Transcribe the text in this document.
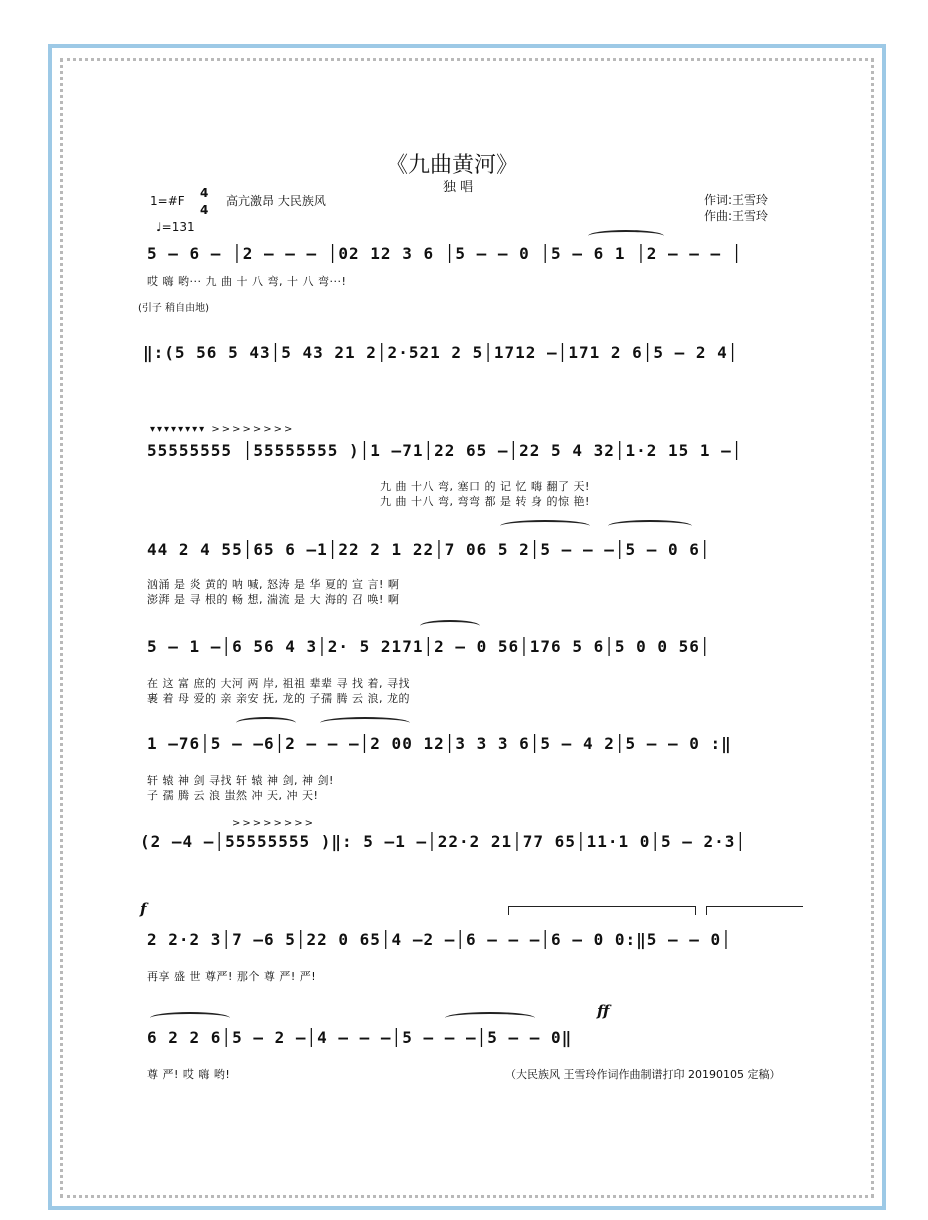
《九曲黄河》
独 唱
1=#F
4
4
♩=131
高亢激昂 大民族风	作词:王雪玲
作曲:王雪玲
5 – 6 – │2 – – – │02 12 3 6 │5 – – 0 │5 – 6 1 │2 – – – │
哎 嗨 哟··· 九 曲 十 八 弯, 十 八 弯···!
(引子 稍自由地)
‖:(5 56 5 43│5 43 21 2│2·521 2 5│1712 –│171 2 6│5 – 2 4│
▾▾▾▾▾▾▾▾ >>>>>>>>
55555555 │55555555 )│1 –71│22 65 –│22 5 4 32│1·2 15 1 –│
九 曲 十八 弯, 塞口 的 记 忆 嗨 翻了 天!
九 曲 十八 弯, 弯弯 都 是 转 身 的惊 艳!
44 2 4 55│65 6 –1│22 2 1 22│7 06 5 2│5 – – –│5 – 0 6│
汹涌 是 炎 黄的 呐 喊, 怒涛 是 华 夏的 宣 言! 啊
澎湃 是 寻 根的 畅 想, 湍流 是 大 海的 召 唤! 啊
5 – 1 –│6 56 4 3│2· 5 2171│2 – 0 56│176 5 6│5 0 0 56│
在 这 富 庶的 大河 两 岸, 祖祖 辈辈 寻 找 着, 寻找
裹 着 母 爱的 亲 亲安 抚, 龙的 子孺 腾 云 浪, 龙的
1 –76│5 – –6│2 – – –│2 00 12│3 3 3 6│5 – 4 2│5 – – 0 :‖
轩 辕 神 剑 寻找 轩 辕 神 剑, 神 剑!
子 孺 腾 云 浪 蚩然 冲 天, 冲 天!
>>>>>>>>
(2 –4 –│55555555 )‖: 5 –1 –│22·2 21│77 65│11·1 0│5 – 2·3│
f
2 2·2 3│7 –6 5│22 0 65│4 –2 –│6 – – –│6 – 0 0:‖5 – – 0│
再享 盛 世 尊严! 那个 尊 严! 严!
ff
6 2 2 6│5 – 2 –│4 – – –│5 – – –│5 – – 0‖
尊 严! 哎 嗨 哟!	（大民族风 王雪玲作词作曲制谱打印 20190105 定稿）
